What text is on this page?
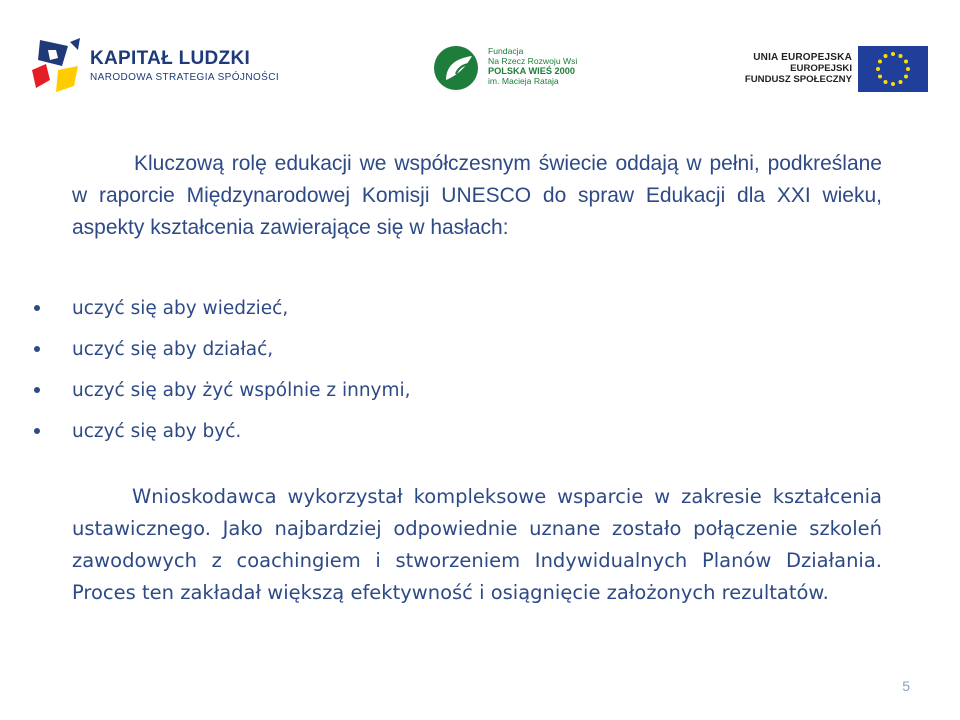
KAPITAŁ LUDZKI
NARODOWA STRATEGIA SPÓJNOŚCI
Fundacja
Na Rzecz Rozwoju Wsi
POLSKA WIEŚ 2000
im. Macieja Rataja
UNIA EUROPEJSKA
EUROPEJSKI
FUNDUSZ SPOŁECZNY

Kluczową rolę edukacji we współczesnym świecie oddają w pełni, podkreślane w raporcie Międzynarodowej Komisji UNESCO do spraw Edukacji dla XXI wieku, aspekty kształcenia zawierające się w hasłach:

uczyć się aby wiedzieć,
uczyć się aby działać,
uczyć się aby żyć wspólnie z innymi,
uczyć się aby być.

Wnioskodawca wykorzystał kompleksowe wsparcie w zakresie kształcenia ustawicznego. Jako najbardziej odpowiednie uznane zostało połączenie szkoleń zawodowych z coachingiem i stworzeniem Indywidualnych Planów Działania. Proces ten zakładał większą efektywność i osiągnięcie założonych rezultatów.

5
